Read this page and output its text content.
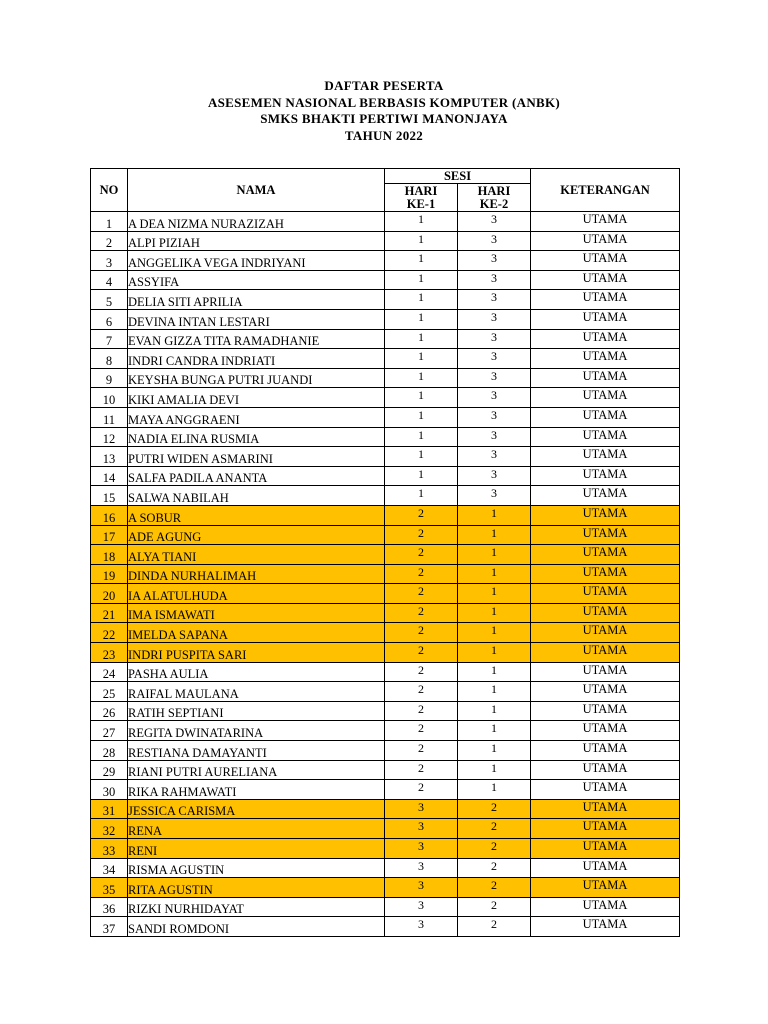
DAFTAR PESERTA
ASESEMEN NASIONAL BERBASIS KOMPUTER (ANBK)
SMKS BHAKTI PERTIWI MANONJAYA
TAHUN 2022
NO	NAMA	SESI		KETERANGAN
		HARI KE-1	HARI KE-2	
1	A DEA NIZMA NURAZIZAH	1	3	UTAMA
2	ALPI PIZIAH	1	3	UTAMA
3	ANGGELIKA VEGA INDRIYANI	1	3	UTAMA
4	ASSYIFA	1	3	UTAMA
5	DELIA SITI APRILIA	1	3	UTAMA
6	DEVINA INTAN LESTARI	1	3	UTAMA
7	EVAN GIZZA TITA RAMADHANIE	1	3	UTAMA
8	INDRI CANDRA INDRIATI	1	3	UTAMA
9	KEYSHA BUNGA PUTRI JUANDI	1	3	UTAMA
10	KIKI AMALIA DEVI	1	3	UTAMA
11	MAYA ANGGRAENI	1	3	UTAMA
12	NADIA ELINA RUSMIA	1	3	UTAMA
13	PUTRI WIDEN ASMARINI	1	3	UTAMA
14	SALFA PADILA ANANTA	1	3	UTAMA
15	SALWA NABILAH	1	3	UTAMA
16	A SOBUR	2	1	UTAMA
17	ADE AGUNG	2	1	UTAMA
18	ALYA TIANI	2	1	UTAMA
19	DINDA NURHALIMAH	2	1	UTAMA
20	IA ALATULHUDA	2	1	UTAMA
21	IMA ISMAWATI	2	1	UTAMA
22	IMELDA SAPANA	2	1	UTAMA
23	INDRI PUSPITA SARI	2	1	UTAMA
24	PASHA AULIA	2	1	UTAMA
25	RAIFAL MAULANA	2	1	UTAMA
26	RATIH SEPTIANI	2	1	UTAMA
27	REGITA DWINATARINA	2	1	UTAMA
28	RESTIANA DAMAYANTI	2	1	UTAMA
29	RIANI PUTRI AURELIANA	2	1	UTAMA
30	RIKA RAHMAWATI	2	1	UTAMA
31	JESSICA CARISMA	3	2	UTAMA
32	RENA	3	2	UTAMA
33	RENI	3	2	UTAMA
34	RISMA AGUSTIN	3	2	UTAMA
35	RITA AGUSTIN	3	2	UTAMA
36	RIZKI NURHIDAYAT	3	2	UTAMA
37	SANDI ROMDONI	3	2	UTAMA
